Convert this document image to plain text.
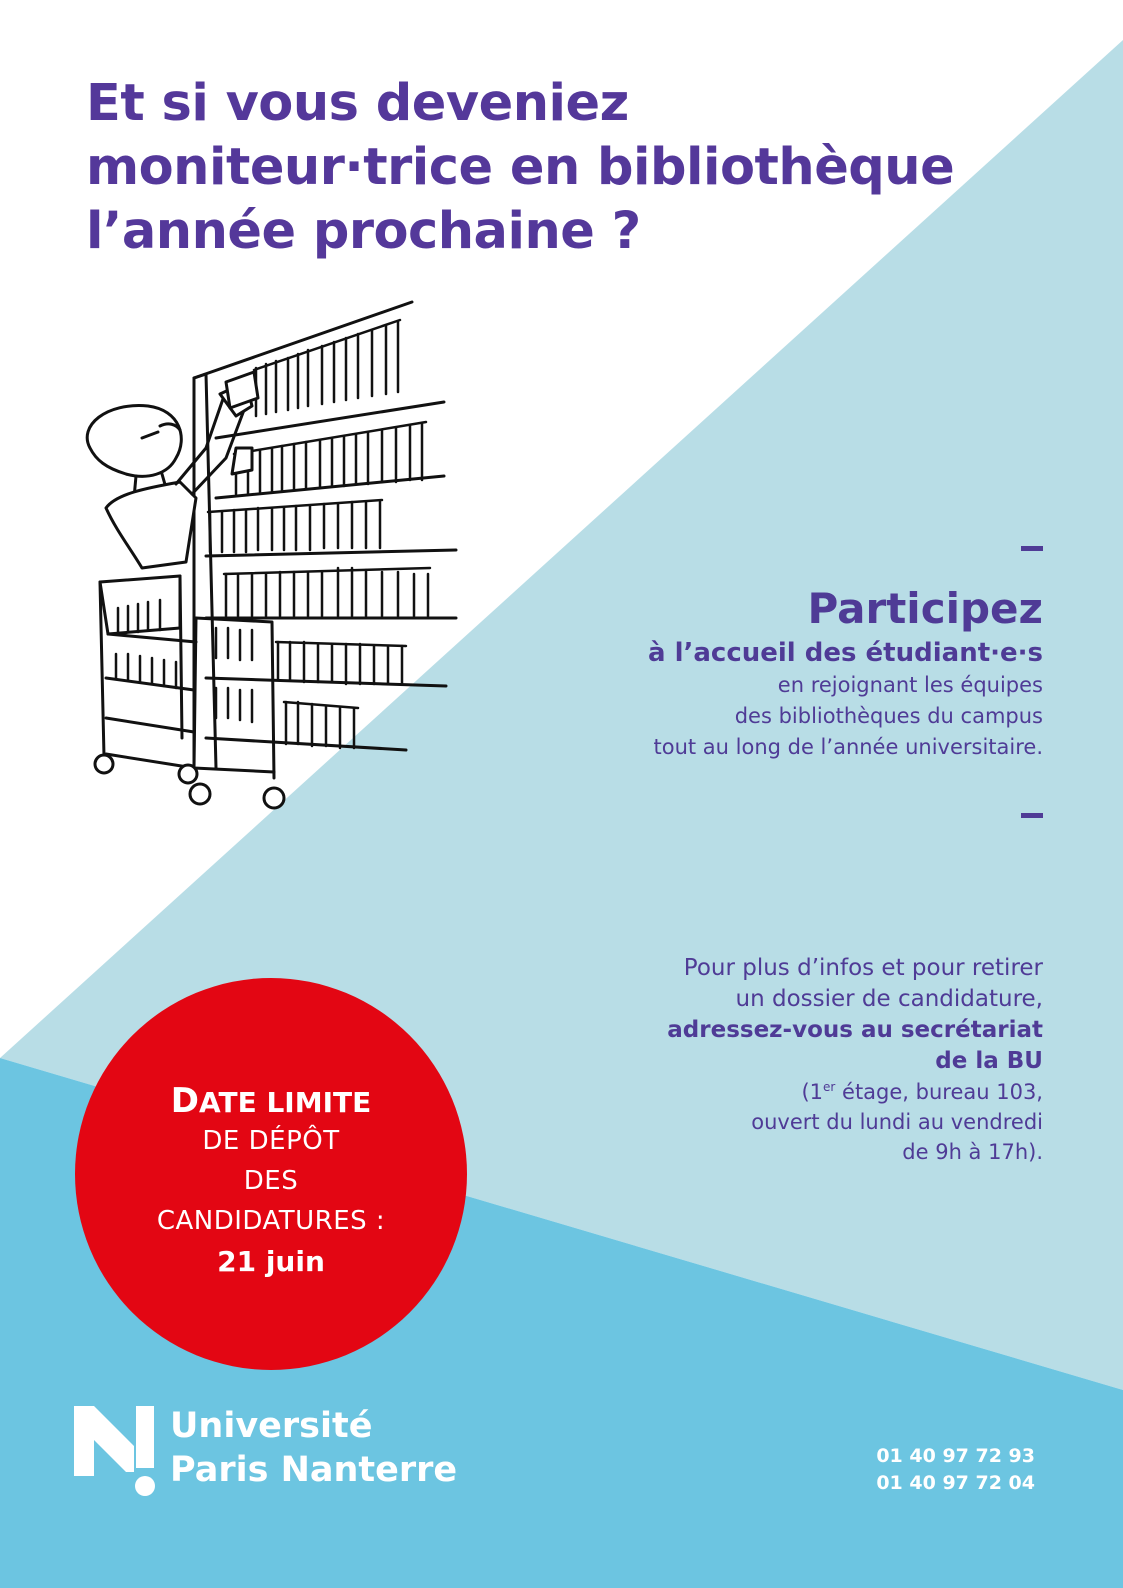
Et si vous deveniez
moniteur·trice en bibliothèque
l’année prochaine ?
Participez
à l’accueil des étudiant·e·s
en rejoignant les équipes
des bibliothèques du campus
tout au long de l’année universitaire.
Pour plus d’infos et pour retirer
un dossier de candidature,
adressez-vous au secrétariat
de la BU
(1er étage, bureau 103,
ouvert du lundi au vendredi
de 9h à 17h).
DATE LIMITE
DE DÉPÔT
DES
CANDIDATURES :
21 juin
Université
Paris Nanterre	01 40 97 72 93
01 40 97 72 04
